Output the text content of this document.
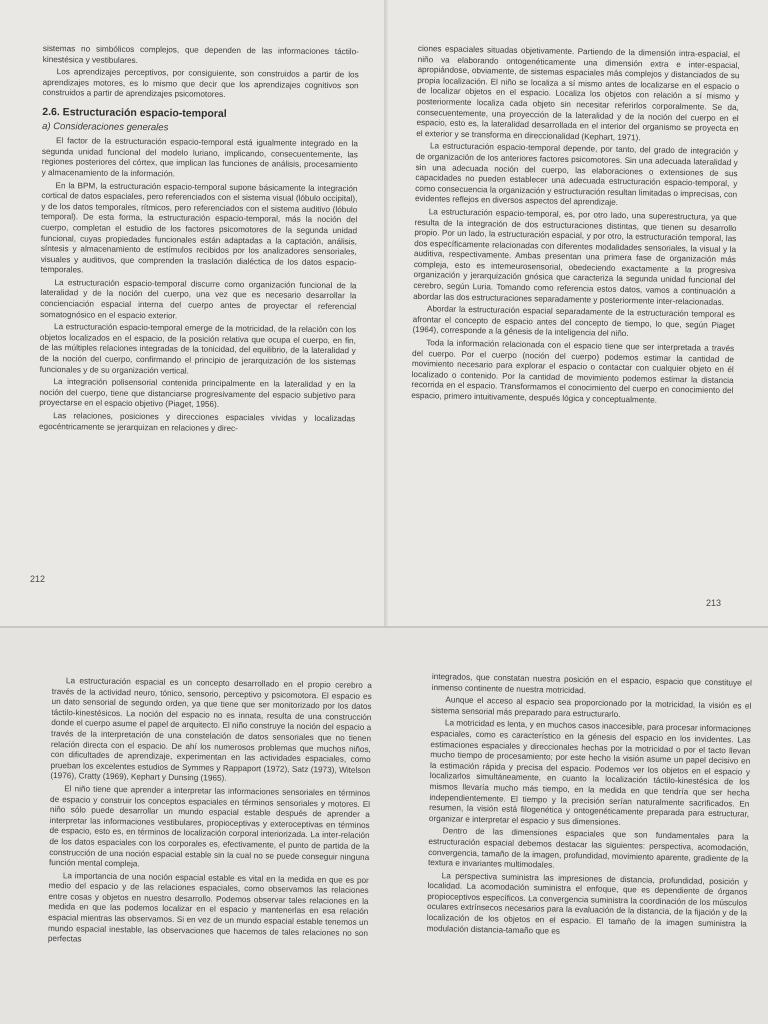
sistemas no simbólicos complejos, que dependen de las informaciones táctilo-kinestésica y vestibulares.

Los aprendizajes perceptivos, por consiguiente, son construidos a partir de los aprendizajes motores, es lo mismo que decir que los aprendizajes cognitivos son construidos a partir de aprendizajes psicomotores.

2.6. Estructuración espacio-temporal
a) Consideraciones generales

El factor de la estructuración espacio-temporal está igualmente integrado en la segunda unidad funcional del modelo luriano, implicando, consecuentemente, las regiones posteriores del córtex, que implican las funciones de análisis, procesamiento y almacenamiento de la información.

En la BPM, la estructuración espacio-temporal supone básicamente la integración cortical de datos espaciales, pero referenciados con el sistema visual (lóbulo occipital), y de los datos temporales, rítmicos, pero referenciados con el sistema auditivo (lóbulo temporal). De esta forma, la estructuración espacio-temporal, más la noción del cuerpo, completan el estudio de los factores psicomotores de la segunda unidad funcional, cuyas propiedades funcionales están adaptadas a la captación, análisis, síntesis y almacenamiento de estímulos recibidos por los analizadores sensoriales, visuales y auditivos, que comprenden la traslación dialéctica de los datos espacio-temporales.

La estructuración espacio-temporal discurre como organización funcional de la lateralidad y de la noción del cuerpo, una vez que es necesario desarrollar la concienciación espacial interna del cuerpo antes de proyectar el referencial somatognósico en el espacio exterior.

La estructuración espacio-temporal emerge de la motricidad, de la relación con los objetos localizados en el espacio, de la posición relativa que ocupa el cuerpo, en fin, de las múltiples relaciones integradas de la tonicidad, del equilibrio, de la lateralidad y de la noción del cuerpo, confirmando el principio de jerarquización de los sistemas funcionales y de su organización vertical.

La integración polisensorial contenida principalmente en la lateralidad y en la noción del cuerpo, tiene que distanciarse progresivamente del espacio subjetivo para proyectarse en el espacio objetivo (Piaget, 1956).

Las relaciones, posiciones y direcciones espaciales vividas y localizadas egocéntricamente se jerarquizan en relaciones y direc-

212

ciones espaciales situadas objetivamente. Partiendo de la dimensión intra-espacial, el niño va elaborando ontogenéticamente una dimensión extra e inter-espacial, apropiándose, obviamente, de sistemas espaciales más complejos y distanciados de su propia localización. El niño se localiza a sí mismo antes de localizarse en el espacio o de localizar objetos en el espacio. Localiza los objetos con relación a sí mismo y posteriormente localiza cada objeto sin necesitar referirlos corporalmente. Se da, consecuentemente, una proyección de la lateralidad y de la noción del cuerpo en el espacio, esto es, la lateralidad desarrollada en el interior del organismo se proyecta en el exterior y se transforma en direccionalidad (Kephart, 1971).

La estructuración espacio-temporal depende, por tanto, del grado de integración y de organización de los anteriores factores psicomotores. Sin una adecuada lateralidad y sin una adecuada noción del cuerpo, las elaboraciones o extensiones de sus capacidades no pueden establecer una adecuada estructuración espacio-temporal, y como consecuencia la organización y estructuración resultan limitadas o imprecisas, con evidentes reflejos en diversos aspectos del aprendizaje.

La estructuración espacio-temporal, es, por otro lado, una superestructura, ya que resulta de la integración de dos estructuraciones distintas, que tienen su desarrollo propio. Por un lado, la estructuración espacial, y por otro, la estructuración temporal, las dos específicamente relacionadas con diferentes modalidades sensoriales, la visual y la auditiva, respectivamente. Ambas presentan una primera fase de organización más compleja, esto es intemeurosensorial, obedeciendo exactamente a la progresiva organización y jerarquización gnósica que caracteriza la segunda unidad funcional del cerebro, según Luria. Tomando como referencia estos datos, vamos a continuación a abordar las dos estructuraciones separadamente y posteriormente inter-relacionadas.

Abordar la estructuración espacial separadamente de la estructuración temporal es afrontar el concepto de espacio antes del concepto de tiempo, lo que, según Piaget (1964), corresponde a la génesis de la inteligencia del niño.

Toda la información relacionada con el espacio tiene que ser interpretada a través del cuerpo. Por el cuerpo (noción del cuerpo) podemos estimar la cantidad de movimiento necesario para explorar el espacio o contactar con cualquier objeto en él localizado o contenido. Por la cantidad de movimiento podemos estimar la distancia recorrida en el espacio. Transformamos el conocimiento del cuerpo en conocimiento del espacio, primero intuitivamente, después lógica y conceptualmente.

213

La estructuración espacial es un concepto desarrollado en el propio cerebro a través de la actividad neuro, tónico, sensorio, perceptivo y psicomotora. El espacio es un dato sensorial de segundo orden, ya que tiene que ser monitorizado por los datos táctilo-kinestésicos. La noción del espacio no es innata, resulta de una construcción donde el cuerpo asume el papel de arquitecto. El niño construye la noción del espacio a través de la interpretación de una constelación de datos sensoriales que no tienen relación directa con el espacio. De ahí los numerosos problemas que muchos niños, con dificultades de aprendizaje, experimentan en las actividades espaciales, como prueban los excelentes estudios de Symmes y Rappaport (1972), Satz (1973), Witelson (1976), Cratty (1969), Kephart y Dunsing (1965).

El niño tiene que aprender a interpretar las informaciones sensoriales en términos de espacio y construir los conceptos espaciales en términos sensoriales y motores. El niño sólo puede desarrollar un mundo espacial estable después de aprender a interpretar las informaciones vestibulares, propioceptivas y exteroceptivas en términos de espacio, esto es, en términos de localización corporal interiorizada. La inter-relación de los datos espaciales con los corporales es, efectivamente, el punto de partida de la construcción de una noción espacial estable sin la cual no se puede conseguir ninguna función mental compleja.

La importancia de una noción espacial estable es vital en la medida en que es por medio del espacio y de las relaciones espaciales, como observamos las relaciones entre cosas y objetos en nuestro desarrollo. Podemos observar tales relaciones en la medida en que las podemos localizar en el espacio y mantenerlas en esa relación espacial mientras las observamos. Si en vez de un mundo espacial estable tenemos un mundo espacial inestable, las observaciones que hacemos de tales relaciones no son perfectas

integrados, que constatan nuestra posición en el espacio, espacio que constituye el inmenso continente de nuestra motricidad.

Aunque el acceso al espacio sea proporcionado por la motricidad, la visión es el sistema sensorial más preparado para estructurarlo.

La motricidad es lenta, y en muchos casos inaccesible, para procesar informaciones espaciales, como es característico en la génesis del espacio en los invidentes. Las estimaciones espaciales y direccionales hechas por la motricidad o por el tacto llevan mucho tiempo de procesamiento; por este hecho la visión asume un papel decisivo en la estimación rápida y precisa del espacio. Podemos ver los objetos en el espacio y localizarlos simultáneamente, en cuanto la localización táctilo-kinestésica de los mismos llevaría mucho más tiempo, en la medida en que tendría que ser hecha independientemente. El tiempo y la precisión serían naturalmente sacrificados. En resumen, la visión está filogenética y ontogenéticamente preparada para estructurar, organizar e interpretar el espacio y sus dimensiones.

Dentro de las dimensiones espaciales que son fundamentales para la estructuración espacial debemos destacar las siguientes: perspectiva, acomodación, convergencia, tamaño de la imagen, profundidad, movimiento aparente, gradiente de la textura e invariantes multimodales.

La perspectiva suministra las impresiones de distancia, profundidad, posición y localidad. La acomodación suministra el enfoque, que es dependiente de órganos propioceptivos específicos. La convergencia suministra la coordinación de los músculos oculares extrínsecos necesarios para la evaluación de la distancia, de la fijación y de la localización de los objetos en el espacio. El tamaño de la imagen suministra la modulación distancia-tamaño que es
